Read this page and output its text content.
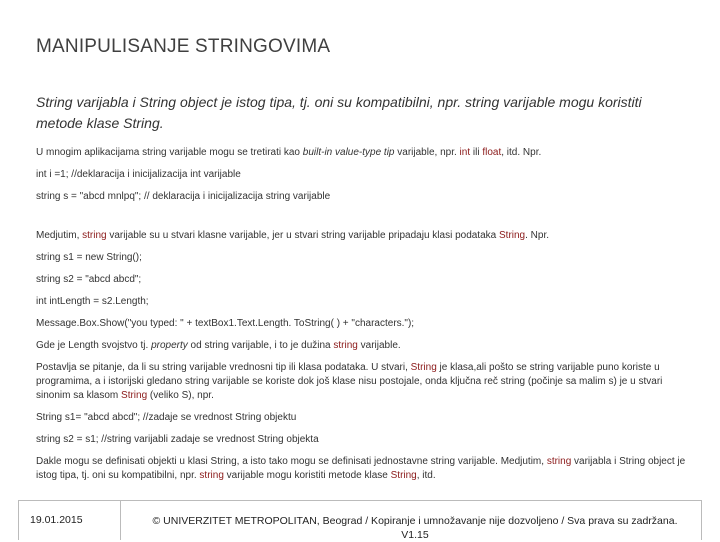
MANIPULISANJE STRINGOVIMA
String varijabla i String object je istog tipa, tj. oni su kompatibilni, npr. string varijable mogu koristiti metode klase String.

U mnogim aplikacijama string varijable mogu se tretirati kao built-in value-type tip varijable, npr. int ili float, itd. Npr.

int i =1; //deklaracija i inicijalizacija int varijable

string s = "abcd mnlpq"; // deklaracija i inicijalizacija string varijable

Medjutim, string varijable su u stvari klasne varijable, jer u stvari string varijable pripadaju klasi podataka String. Npr.

string s1 = new String();

string s2 = "abcd abcd";

int intLength = s2.Length;

Message.Box.Show("you typed: " + textBox1.Text.Length. ToString( ) + "characters.");

Gde je Length svojstvo tj. property od string varijable, i to je dužina string varijable.

Postavlja se pitanje, da li su string varijable vrednosni tip ili klasa podataka. U stvari, String je klasa,ali pošto se string varijable puno koriste u programima, a i istorijski gledano string varijable se koriste dok još klase nisu postojale, onda ključna reč string (počinje sa malim s) je u stvari sinonim sa klasom String (veliko S), npr.

String s1= "abcd abcd"; //zadaje se vrednost String objektu

string s2 = s1; //string varijabli zadaje se vrednost String objekta

Dakle mogu se definisati objekti u klasi String, a isto tako mogu se definisati jednostavne string varijable. Medjutim, string varijabla i String object je istog tipa, tj. oni su kompatibilni, npr. string varijable mogu koristiti metode klase String, itd.

19.01.2015	© UNIVERZITET METROPOLITAN, Beograd / Kopiranje i umnožavanje nije dozvoljeno / Sva prava su zadržana.
V1.15
